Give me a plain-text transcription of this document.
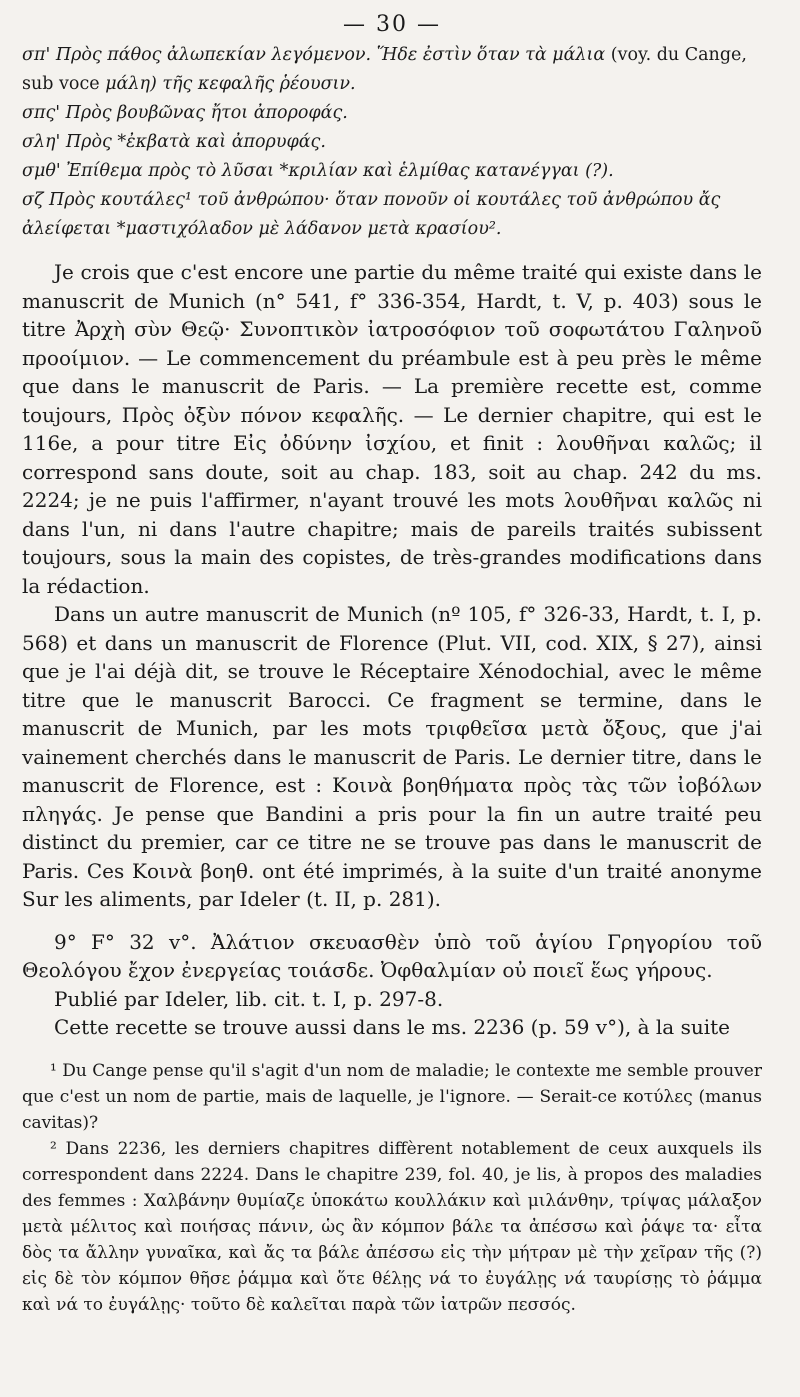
— 30 —

σπ' Πρὸς πάθος ἀλωπεκίαν λεγόμενον. Ἥδε ἐστὶν ὅταν τὰ μάλια (voy. du Cange,

sub voce μάλη) τῆς κεφαλῆς ῥέουσιν.

σπς' Πρὸς βουβῶνας ἤτοι ἀποροφάς.

σλη' Πρὸς *ἐκβατὰ καὶ ἀπορυφάς.

σμθ' Ἐπίθεμα πρὸς τὸ λῦσαι *κριλίαν καὶ ἑλμίθας κατανέγγαι (?).

σζ Πρὸς κουτάλες¹ τοῦ ἀνθρώπου· ὅταν πονοῦν οἱ κουτάλες τοῦ ἀνθρώπου ἄς

ἀλείφεται *μαστιχόλαδον μὲ λάδανον μετὰ κρασίου².

Je crois que c'est encore une partie du même traité qui existe dans le manuscrit de Munich (n° 541, f° 336-354, Hardt, t. V, p. 403) sous le titre Ἀρχὴ σὺν Θεῷ· Συνοπτικὸν ἰατροσόφιον τοῦ σοφωτάτου Γαληνοῦ προοίμιον. — Le commencement du préambule est à peu près le même que dans le manuscrit de Paris. — La première recette est, comme toujours, Πρὸς ὀξὺν πόνον κεφαλῆς. — Le dernier chapitre, qui est le 116e, a pour titre Εἰς ὀδύνην ἰσχίου, et finit : λουθῆναι καλῶς; il correspond sans doute, soit au chap. 183, soit au chap. 242 du ms. 2224; je ne puis l'affirmer, n'ayant trouvé les mots λουθῆναι καλῶς ni dans l'un, ni dans l'autre chapitre; mais de pareils traités subissent toujours, sous la main des copistes, de très-grandes modifications dans la rédaction.

Dans un autre manuscrit de Munich (nº 105, f° 326-33, Hardt, t. I, p. 568) et dans un manuscrit de Florence (Plut. VII, cod. XIX, § 27), ainsi que je l'ai déjà dit, se trouve le Réceptaire Xénodochial, avec le même titre que le manuscrit Barocci. Ce fragment se termine, dans le manuscrit de Munich, par les mots τριφθεῖσα μετὰ ὄξους, que j'ai vainement cherchés dans le manuscrit de Paris. Le dernier titre, dans le manuscrit de Florence, est : Κοινὰ βοηθήματα πρὸς τὰς τῶν ἰοβόλων πληγάς. Je pense que Bandini a pris pour la fin un autre traité peu distinct du premier, car ce titre ne se trouve pas dans le manuscrit de Paris. Ces Κοινὰ βοηθ. ont été imprimés, à la suite d'un traité anonyme Sur les aliments, par Ideler (t. II, p. 281).

9° F° 32 v°. Ἀλάτιον σκευασθὲν ὑπὸ τοῦ ἁγίου Γρηγορίου τοῦ Θεολόγου ἔχον ἐνεργείας τοιάσδε. Ὀφθαλμίαν οὐ ποιεῖ ἕως γήρους.

Publié par Ideler, lib. cit. t. I, p. 297-8.

Cette recette se trouve aussi dans le ms. 2236 (p. 59 v°), à la suite

¹ Du Cange pense qu'il s'agit d'un nom de maladie; le contexte me semble prouver que c'est un nom de partie, mais de laquelle, je l'ignore. — Serait-ce κοτύλες (manus cavitas)?

² Dans 2236, les derniers chapitres diffèrent notablement de ceux auxquels ils correspondent dans 2224. Dans le chapitre 239, fol. 40, je lis, à propos des maladies des femmes : Χαλβάνην θυμίαζε ὑποκάτω κουλλάκιν καὶ μιλάνθην, τρίψας μάλαξον μετὰ μέλιτος καὶ ποιήσας πάνιν, ὡς ἂν κόμπον βάλε τα ἀπέσσω καὶ ῥάψε τα· εἶτα δὸς τα ἄλλην γυναῖκα, καὶ ἄς τα βάλε ἀπέσσω εἰς τὴν μήτραν μὲ τὴν χεῖραν τῆς (?) εἰς δὲ τὸν κόμπον θῆσε ῥάμμα καὶ ὅτε θέλῃς νά το ἐυγάλῃς νά ταυρίσῃς τὸ ῥάμμα καὶ νά το ἐυγάλῃς· τοῦτο δὲ καλεῖται παρὰ τῶν ἰατρῶν πεσσός.
